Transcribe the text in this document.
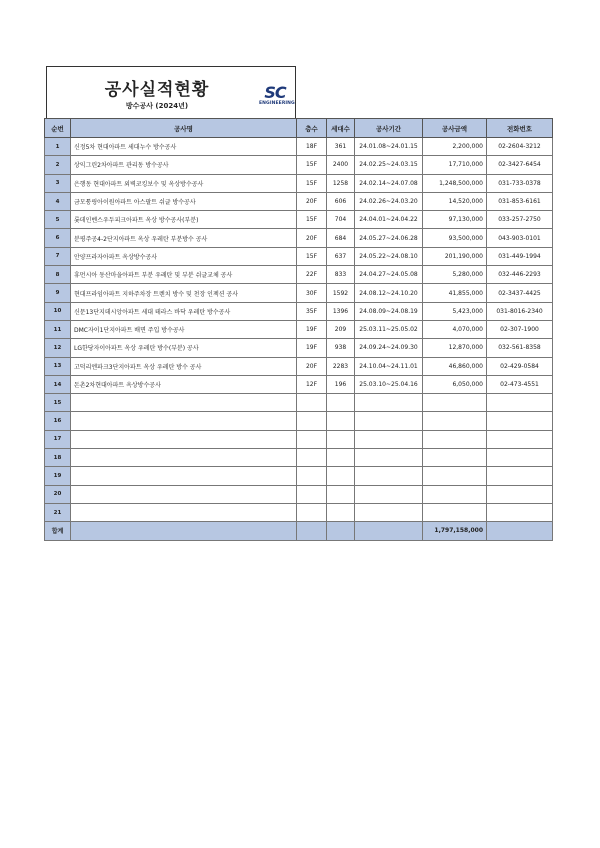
공사실적현황
방수공사 (2024년)
SC
ENGINEERING
순번	공사명	층수	세대수	공사기간	공사금액	전화번호
1	신정5차 현대아파트 세대누수 방수공사	18F	361	24.01.08~24.01.15	2,200,000	02-2604-3212
2	상익그린2차아파트 관리동 방수공사	15F	2400	24.02.25~24.03.15	17,710,000	02-3427-6454
3	은행동 현대아파트 외벽코킹보수 및 옥상방수공사	15F	1258	24.02.14~24.07.08	1,248,500,000	031-733-0378
4	금모퉁링아이원아파트 아스팔트 쉬글 방수공사	20F	606	24.02.26~24.03.20	14,520,000	031-853-6161
5	롯데인벤스우두피크아파트 옥상 방수공사(부분)	15F	704	24.04.01~24.04.22	97,130,000	033-257-2750
6	분평주공4-2단지아파트 옥상 우레탄 부분방수 공사	20F	684	24.05.27~24.06.28	93,500,000	043-903-0101
7	안양프라자아파트 옥상방수공사	15F	637	24.05.22~24.08.10	201,190,000	031-449-1994
8	휴먼시아 동산마을아파트 부분 우레탄 및 부분 쉬글교체 공사	22F	833	24.04.27~24.05.08	5,280,000	032-446-2293
9	현대프라임아파트 지하주차장 트렌치 방수 및 천장 인젝션 공사	30F	1592	24.08.12~24.10.20	41,855,000	02-3437-4425
10	신문13단지데시앙아파트 세대 테라스 바닥 우레탄 방수공사	35F	1396	24.08.09~24.08.19	5,423,000	031-8016-2340
11	DMC자이1단지아파트 배면 주입 방수공사	19F	209	25.03.11~25.05.02	4,070,000	02-307-1900
12	LG한당자이아파트 옥상 우레탄 방수(부분) 공사	19F	938	24.09.24~24.09.30	12,870,000	032-561-8358
13	고덕리엔파크3단지아파트 옥상 우레탄 방수 공사	20F	2283	24.10.04~24.11.01	46,860,000	02-429-0584
14	돈촌2차현대아파트 옥상방수공사	12F	196	25.03.10~25.04.16	6,050,000	02-473-4551
15						
16						
17						
18						
19						
20						
21						
합계					1,797,158,000	
